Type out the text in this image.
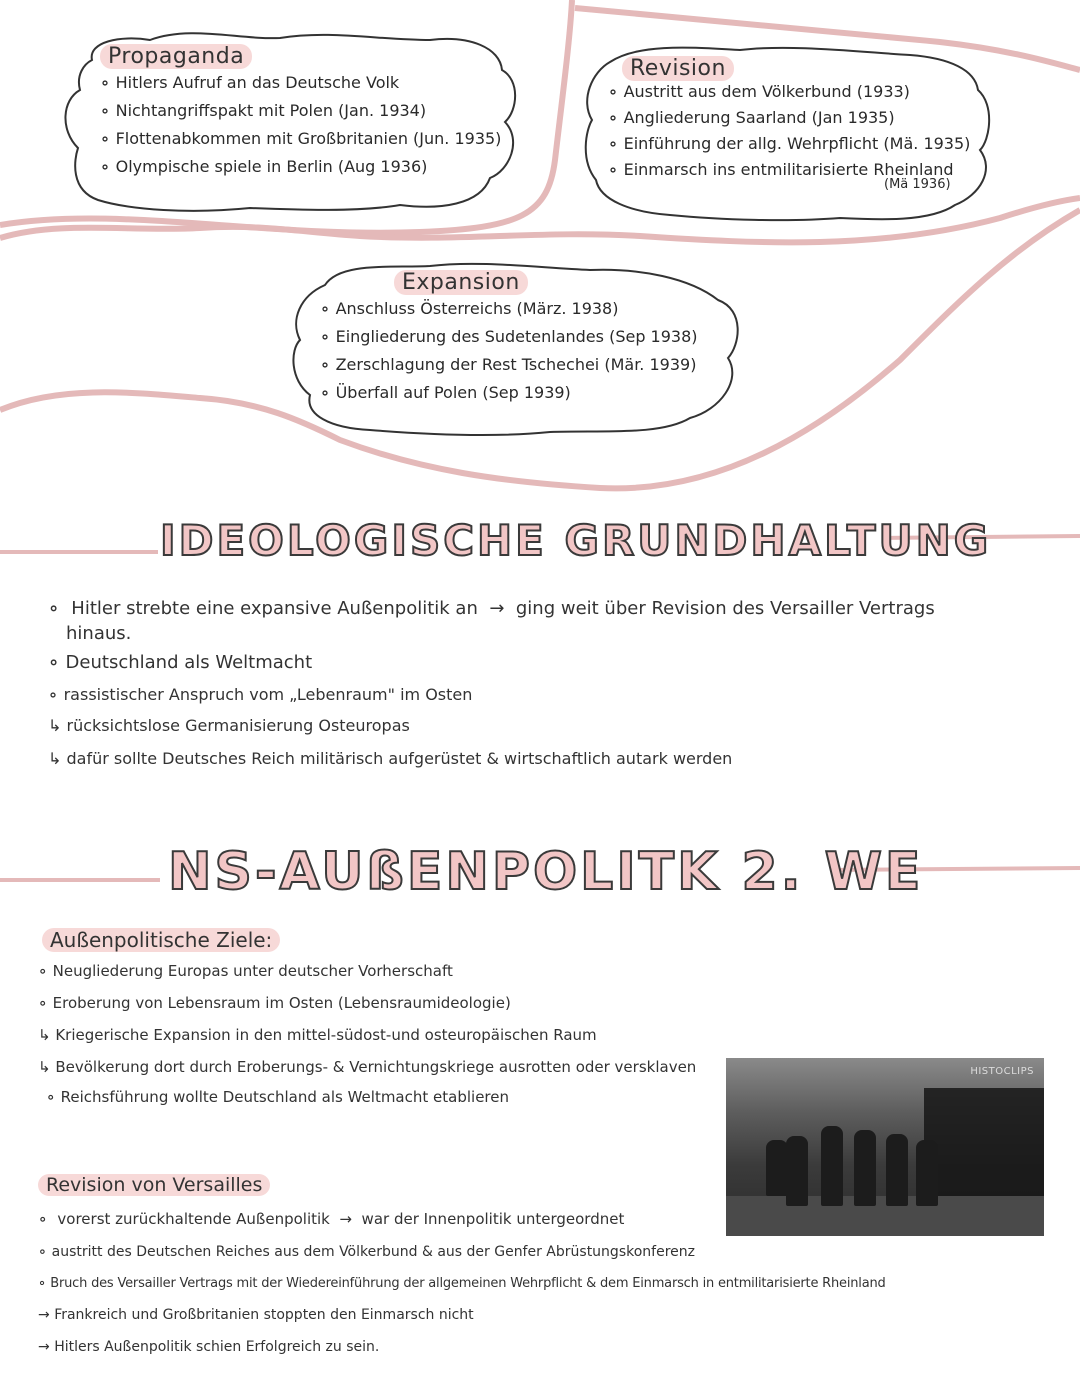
Propaganda
∘ Hitlers Aufruf an das Deutsche Volk
∘ Nichtangriffspakt mit Polen (Jan. 1934)
∘ Flottenabkommen mit Großbritanien (Jun. 1935)
∘ Olympische spiele in Berlin (Aug 1936)
Revision
∘ Austritt aus dem Völkerbund (1933)
∘ Angliederung Saarland (Jan 1935)
∘ Einführung der allg. Wehrpflicht (Mä. 1935)
∘ Einmarsch ins entmilitarisierte Rheinland
(Mä 1936)
Expansion
∘ Anschluss Österreichs (März. 1938)
∘ Eingliederung des Sudetenlandes (Sep 1938)
∘ Zerschlagung der Rest Tschechei (Mär. 1939)
∘ Überfall auf Polen (Sep 1939)
IDEOLOGISCHE GRUNDHALTUNG
∘ Hitler strebte eine expansive Außenpolitik an  →  ging weit über Revision des Versailler Vertrags
hinaus.
∘ Deutschland als Weltmacht
∘ rassistischer Anspruch vom „Lebenraum" im Osten
↳ rücksichtslose Germanisierung Osteuropas
↳ dafür sollte Deutsches Reich militärisch aufgerüstet & wirtschaftlich autark werden
NS-AUßENPOLITK 2. WE
Außenpolitische Ziele:
∘ Neugliederung Europas unter deutscher Vorherschaft
∘ Eroberung von Lebensraum im Osten (Lebensraumideologie)
↳ Kriegerische Expansion in den mittel-südost-und osteuropäischen Raum
↳ Bevölkerung dort durch Eroberungs- & Vernichtungskriege ausrotten oder versklaven
∘ Reichsführung wollte Deutschland als Weltmacht etablieren
HISTOCLIPS
Revision von Versailles
∘ vorerst zurückhaltende Außenpolitik  →  war der Innenpolitik untergeordnet
∘ austritt des Deutschen Reiches aus dem Völkerbund & aus der Genfer Abrüstungskonferenz
∘ Bruch des Versailler Vertrags mit der Wiedereinführung der allgemeinen Wehrpflicht & dem Einmarsch in entmilitarisierte Rheinland
→ Frankreich und Großbritanien stoppten den Einmarsch nicht
→ Hitlers Außenpolitik schien Erfolgreich zu sein.
